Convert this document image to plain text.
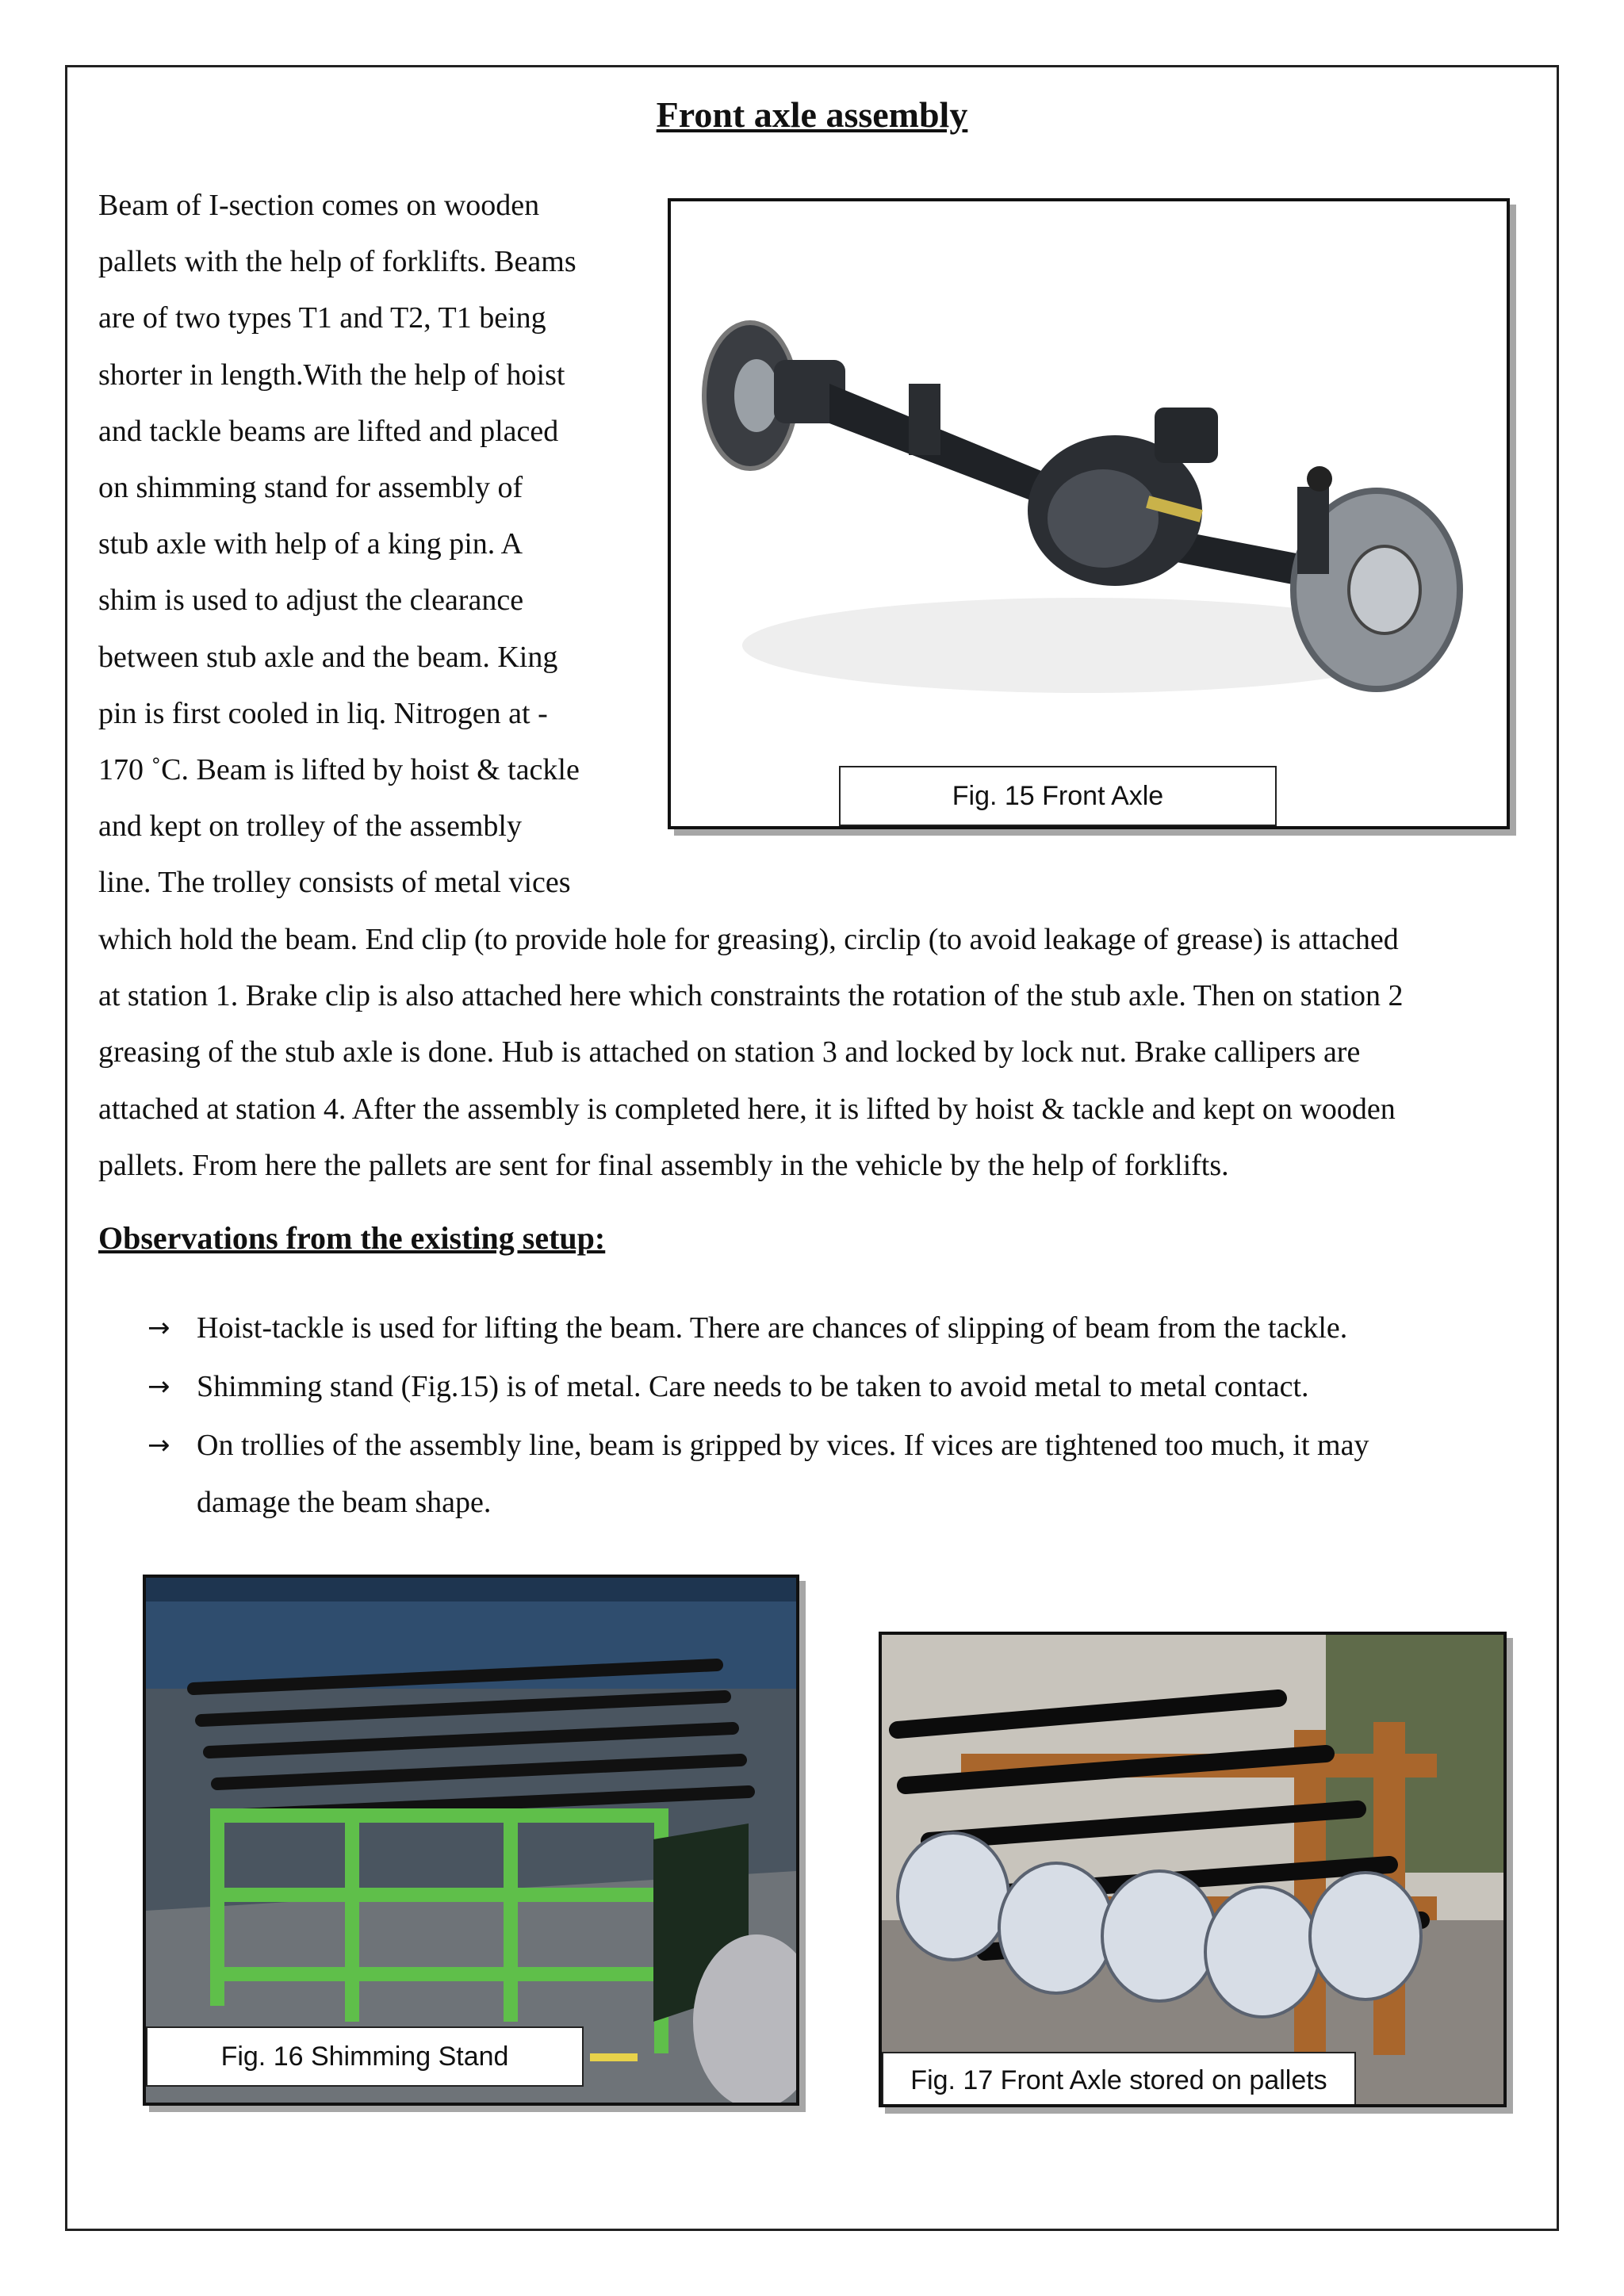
Front axle assembly
Beam of I-section comes on wooden
pallets with the help of forklifts. Beams
are of two types T1 and T2, T1 being
shorter in length.With the help of hoist
and tackle beams are lifted and placed
on shimming stand for assembly of
stub axle with help of a king pin. A
shim is used to adjust the clearance
between stub axle and the beam. King
pin is first cooled in liq. Nitrogen at -
170 ˚C. Beam is lifted by hoist & tackle
and kept on trolley of the assembly
line. The trolley consists of metal vices
which hold the beam. End clip (to provide hole for greasing), circlip (to avoid leakage of grease) is attached
at station 1. Brake clip is also attached here which constraints the rotation of the stub axle. Then on station 2
greasing of the stub axle is done. Hub is attached on station 3 and locked by lock nut. Brake callipers are
attached at station 4. After the assembly is completed here, it is lifted by hoist & tackle and kept on wooden
pallets. From here the pallets are sent for final assembly in the vehicle by the help of forklifts.
Fig. 15 Front Axle
Observations from the existing setup:
→ Hoist-tackle is used for lifting the beam. There are chances of slipping of beam from the tackle.
→ Shimming stand (Fig.15) is of metal. Care needs to be taken to avoid metal to metal contact.
→ On trollies of the assembly line, beam is gripped by vices. If vices are tightened too much, it may
damage the beam shape.
Fig. 16 Shimming Stand
Fig. 17 Front Axle stored on pallets
